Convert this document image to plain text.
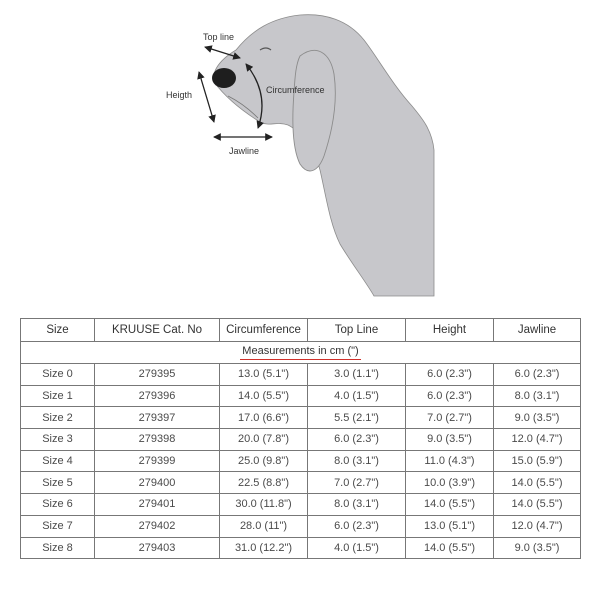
Top line
Heigth	Circumference
Jawline
Size	KRUUSE Cat. No	Circumference	Top Line	Height	Jawline
Measurements in cm (")					
Size 0	279395	13.0 (5.1")	3.0 (1.1")	6.0 (2.3")	6.0 (2.3")
Size 1	279396	14.0 (5.5")	4.0 (1.5")	6.0 (2.3")	8.0 (3.1")
Size 2	279397	17.0 (6.6")	5.5 (2.1")	7.0 (2.7")	9.0 (3.5")
Size 3	279398	20.0 (7.8")	6.0 (2.3")	9.0 (3.5")	12.0 (4.7")
Size 4	279399	25.0 (9.8")	8.0 (3.1")	11.0 (4.3")	15.0 (5.9")
Size 5	279400	22.5 (8.8")	7.0 (2.7")	10.0 (3.9")	14.0 (5.5")
Size 6	279401	30.0 (11.8")	8.0 (3.1")	14.0 (5.5")	14.0 (5.5")
Size 7	279402	28.0 (11")	6.0 (2.3")	13.0 (5.1")	12.0 (4.7")
Size 8	279403	31.0 (12.2")	4.0 (1.5")	14.0 (5.5")	9.0 (3.5")
